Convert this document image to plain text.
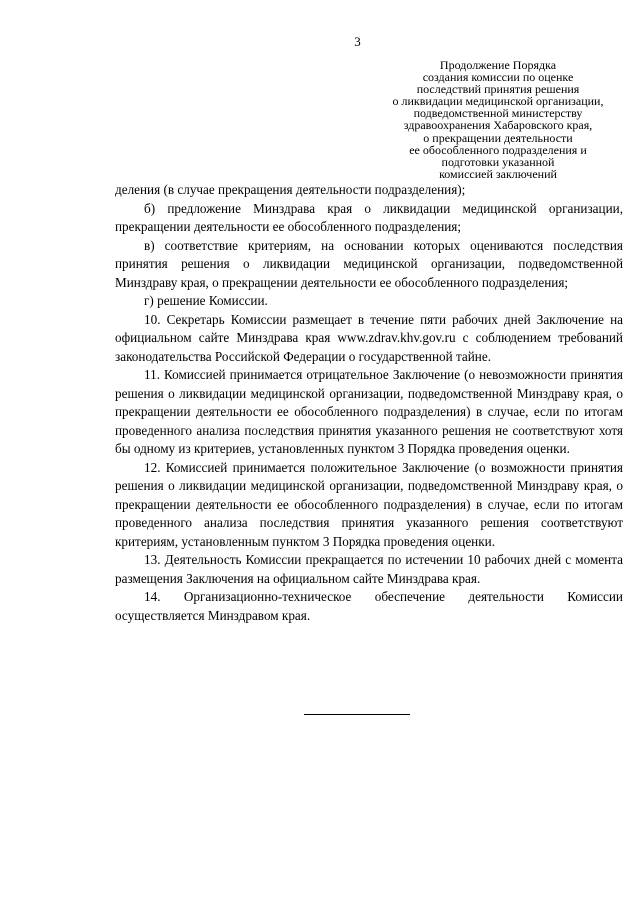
3
Продолжение Порядка
создания комиссии по оценке
последствий принятия решения
о ликвидации медицинской организации,
подведомственной министерству
здравоохранения Хабаровского края,
о прекращении деятельности
ее обособленного подразделения и
подготовки указанной
комиссией заключений

деления (в случае прекращения деятельности подразделения);

б) предложение Минздрава края о ликвидации медицинской организации, прекращении деятельности ее обособленного подразделения;

в) соответствие критериям, на основании которых оцениваются последствия принятия решения о ликвидации медицинской организации, подведомственной Минздраву края, о прекращении деятельности ее обособленного подразделения;

г) решение Комиссии.

10. Секретарь Комиссии размещает в течение пяти рабочих дней Заключение на официальном сайте Минздрава края www.zdrav.khv.gov.ru с соблюдением требований законодательства Российской Федерации о государственной тайне.

11. Комиссией принимается отрицательное Заключение (о невозможности принятия решения о ликвидации медицинской организации, подведомственной Минздраву края, о прекращении деятельности ее обособленного подразделения) в случае, если по итогам проведенного анализа последствия принятия указанного решения не соответствуют хотя бы одному из критериев, установленных пунктом 3 Порядка проведения оценки.

12. Комиссией принимается положительное Заключение (о возможности принятия решения о ликвидации медицинской организации, подведомственной Минздраву края, о прекращении деятельности ее обособленного подразделения) в случае, если по итогам проведенного анализа последствия принятия указанного решения соответствуют критериям, установленным пунктом 3 Порядка проведения оценки.

13. Деятельность Комиссии прекращается по истечении 10 рабочих дней с момента размещения Заключения на официальном сайте Минздрава края.

14. Организационно-техническое обеспечение деятельности Комиссии осуществляется Минздравом края.
